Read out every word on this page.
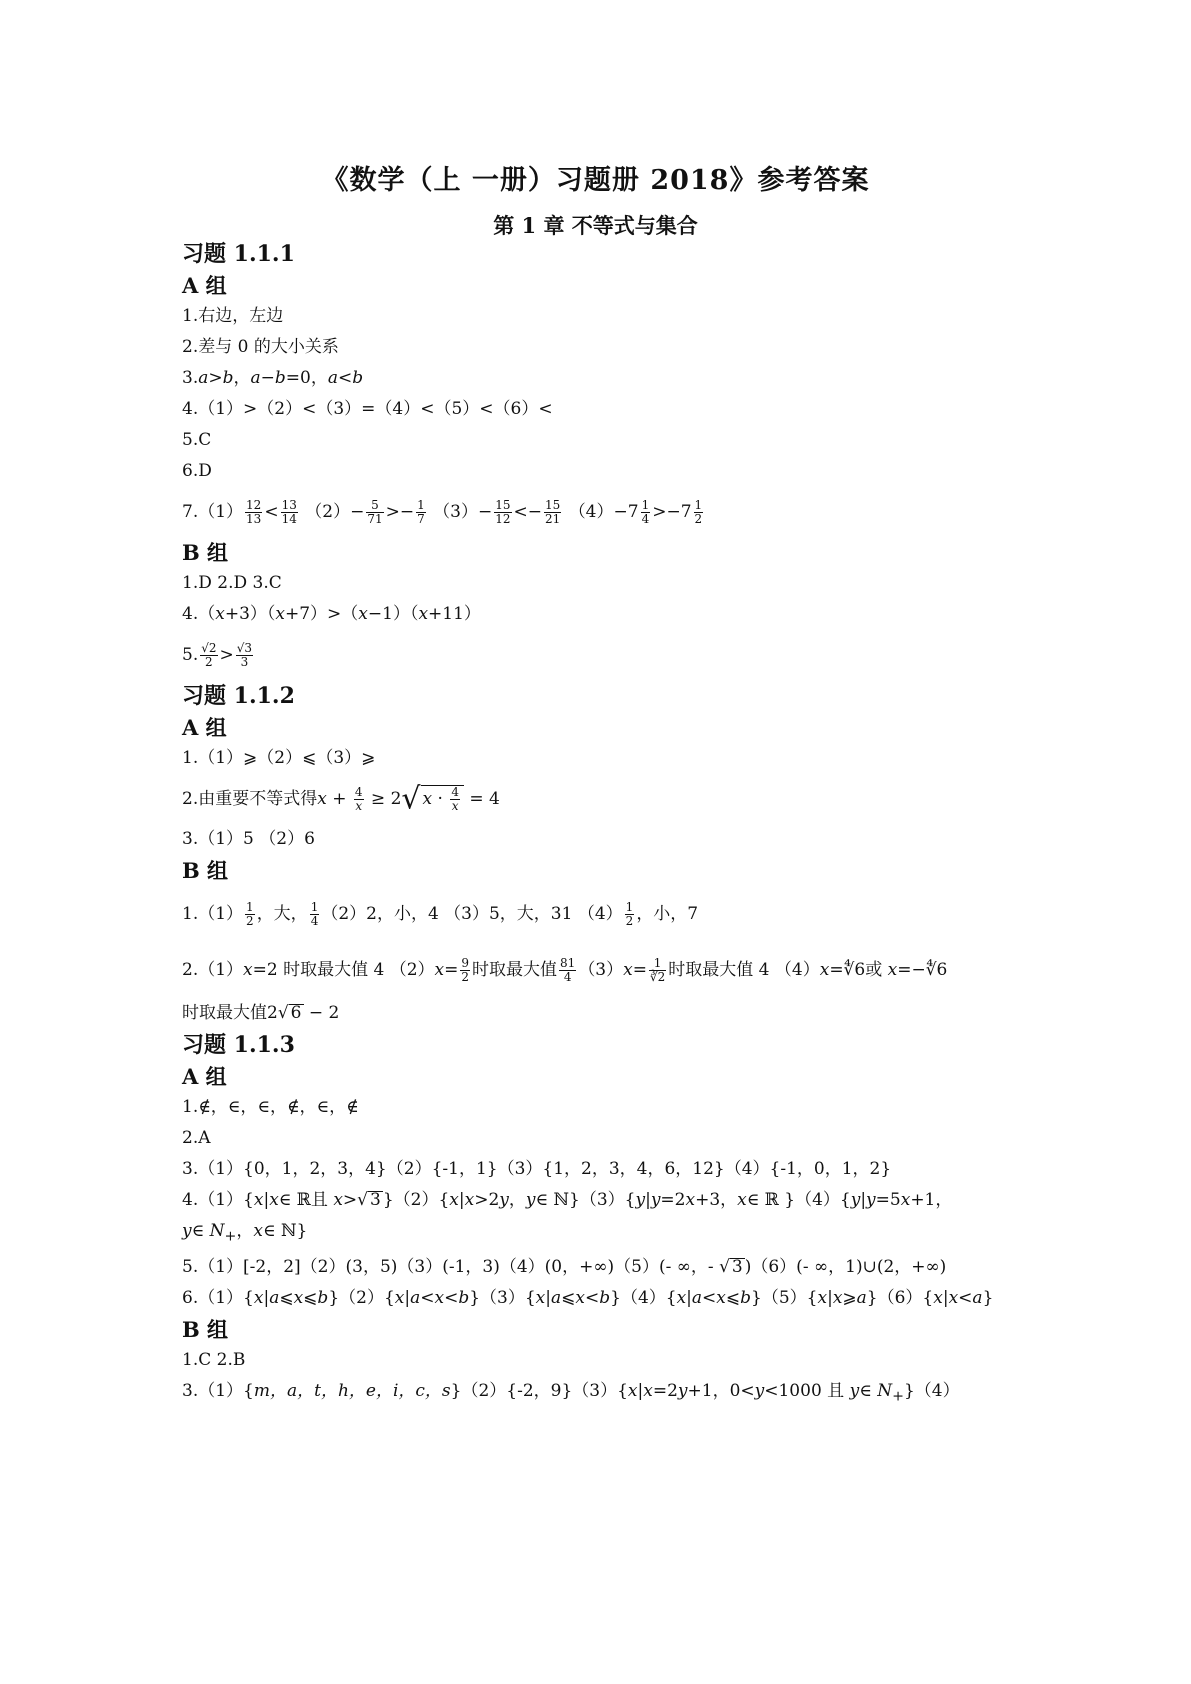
《数学（上 一册）习题册 2018》参考答案
第 1 章 不等式与集合
习题 1.1.1
A 组
1.右边，左边
2.差与 0 的大小关系
3.a>b，a−b=0，a<b
4.（1）>（2）<（3）=（4）<（5）<（6）<
5.C
6.D
$7.(1) \frac{12}{13} < \frac{13}{14} (2)- \frac{5}{71} >- \frac{1}{7} (3)- \frac{15}{12} <- \frac{15}{21} (4)-7 \frac{1}{4} >-7 \frac{1}{2}$
B 组
1.D 2.D 3.C
4.（x+3）（x+7）>（x−1）（x+11）
5. $\frac{√2}{2} > \frac{√3}{3}$
习题 1.1.2
A 组
1.（1）⩾（2）⩽（3）⩾
2.由重要不等式得$x + \frac{4}{x} \ge 2√$ $x \cdot \frac{4}{x} = 4$
3.（1）5 （2）6
B 组
$1.(1) \frac{1}{2}$ ，大， $\frac{1}{4} (2)2$，小，4 （3）5，大，31 $(4) \frac{1}{2}$ ，小，7
2.（1）x=2 时取最大值 4 $(2)x= \frac{9}{2}$ 时取最大值 $\frac{81}{4} (3)x= \frac{1}{∛2}$ 时取最大值 4 （4）x=∜6或 x=−∜6
时取最大值2√ 6 − 2
习题 1.1.3
A 组
1.∉，∈，∈，∉，∈，∉
2.A
3.（1）{0，1，2，3，4}（2）{-1，1}（3）{1，2，3，4，6，12}（4）{-1，0，1，2}
4.（1）{x|x∈ ℝ且 x>√ 3 }（2）{x|x>2y，y∈ ℕ}（3）{y|y=2x+3，x∈ ℝ }（4）{y|y=5x+1，
y∈ $N_+$，x∈ ℕ}
5.（1）[-2，2]（2）(3，5)（3）(-1，3)（4）(0，+∞)（5）(- ∞，- √ 3 )（6）(- ∞，1)∪(2，+∞)
6.（1）{x|a⩽x⩽b}（2）{x|a<x<b}（3）{x|a⩽x<b}（4）{x|a<x⩽b}（5）{x|x⩾a}（6）{x|x<a}
B 组
1.C 2.B
3.（1）{m，a，t，h，e，i，c，s}（2）{-2，9}（3）{x|x=2y+1，0<y<1000 且 y∈ $N_+\}(4)$
